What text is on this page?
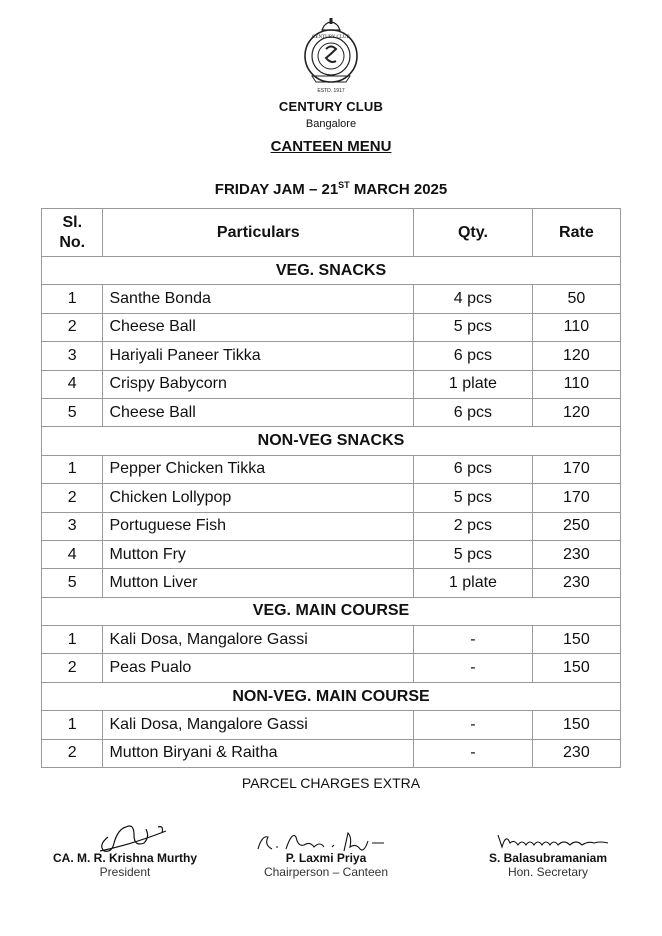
ESTD. 1917
CENTURY CLUB
CENTURY CLUB
Bangalore
CANTEEN MENU
FRIDAY JAM – 21ST MARCH 2025
Sl.
No.	Particulars	Qty.	Rate
VEG. SNACKS			
1	Santhe Bonda	4 pcs	50
2	Cheese Ball	5 pcs	110
3	Hariyali Paneer Tikka	6 pcs	120
4	Crispy Babycorn	1 plate	110
5	Cheese Ball	6 pcs	120
NON-VEG SNACKS			
1	Pepper Chicken Tikka	6 pcs	170
2	Chicken Lollypop	5 pcs	170
3	Portuguese Fish	2 pcs	250
4	Mutton Fry	5 pcs	230
5	Mutton Liver	1 plate	230
VEG. MAIN COURSE			
1	Kali Dosa, Mangalore Gassi	-	150
2	Peas Pualo	-	150
NON-VEG. MAIN COURSE			
1	Kali Dosa, Mangalore Gassi	-	150
2	Mutton Biryani & Raitha	-	230
PARCEL CHARGES EXTRA
CA. M. R. Krishna Murthy
President
P. Laxmi Priya
Chairperson – Canteen
S. Balasubramaniam
Hon. Secretary
